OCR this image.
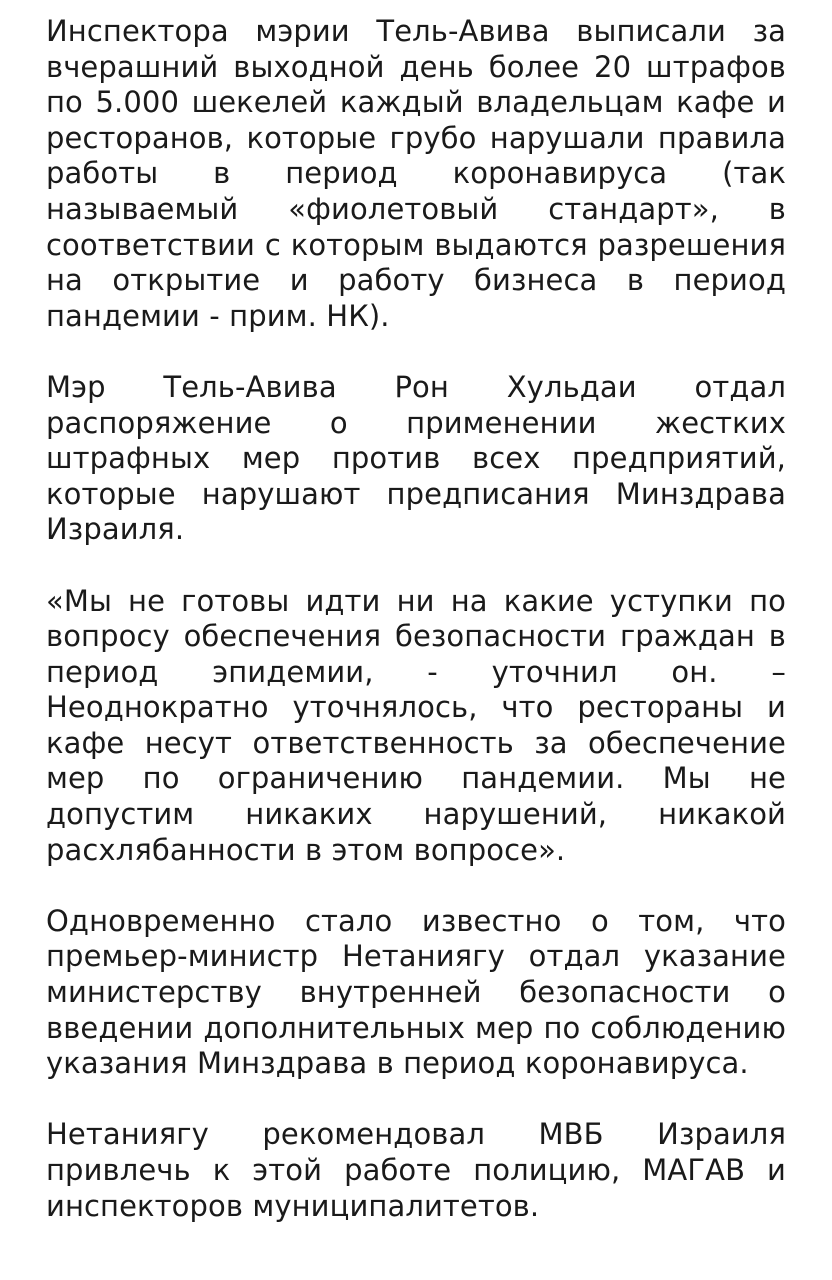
Инспектора мэрии Тель-Авива выписали за вчерашний выходной день более 20 штрафов по 5.000 шекелей каждый владельцам кафе и ресторанов, которые грубо нарушали правила работы в период коронавируса (так называемый «фиолетовый стандарт», в соответствии с которым выдаются разрешения на открытие и работу бизнеса в период пандемии - прим. НК).

Мэр Тель-Авива Рон Хульдаи отдал распоряжение о применении жестких штрафных мер против всех предприятий, которые нарушают предписания Минздрава Израиля.

«Мы не готовы идти ни на какие уступки по вопросу обеспечения безопасности граждан в период эпидемии, - уточнил он. – Неоднократно уточнялось, что рестораны и кафе несут ответственность за обеспечение мер по ограничению пандемии. Мы не допустим никаких нарушений, никакой расхлябанности в этом вопросе».

Одновременно стало известно о том, что премьер-министр Нетаниягу отдал указание министерству внутренней безопасности о введении дополнительных мер по соблюдению указания Минздрава в период коронавируса.

Нетаниягу рекомендовал МВБ Израиля привлечь к этой работе полицию, МАГАВ и инспекторов муниципалитетов.
